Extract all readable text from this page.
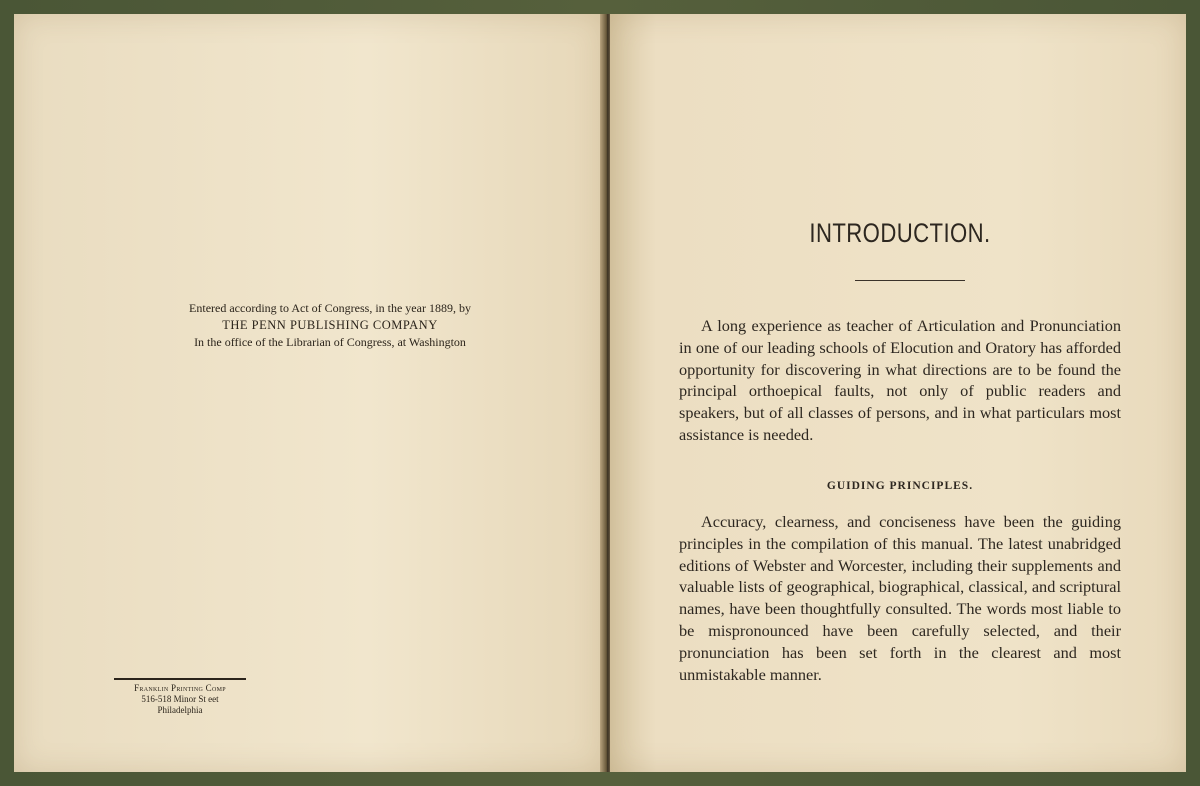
Entered according to Act of Congress, in the year 1889, by
THE PENN PUBLISHING COMPANY
In the office of the Librarian of Congress, at Washington
Franklin Printing Comp
516-518 Minor St eet
Philadelphia
INTRODUCTION.

A long experience as teacher of Articulation and Pronunciation in one of our leading schools of Elocution and Oratory has afforded opportunity for discovering in what directions are to be found the principal orthoepical faults, not only of public readers and speakers, but of all classes of persons, and in what particulars most assistance is needed.

GUIDING PRINCIPLES.

Accuracy, clearness, and conciseness have been the guiding principles in the compilation of this manual. The latest unabridged editions of Webster and Worcester, including their supplements and valuable lists of geographical, biographical, classical, and scriptural names, have been thoughtfully consulted. The words most liable to be mispronounced have been carefully selected, and their pronunciation has been set forth in the clearest and most unmistakable manner.
